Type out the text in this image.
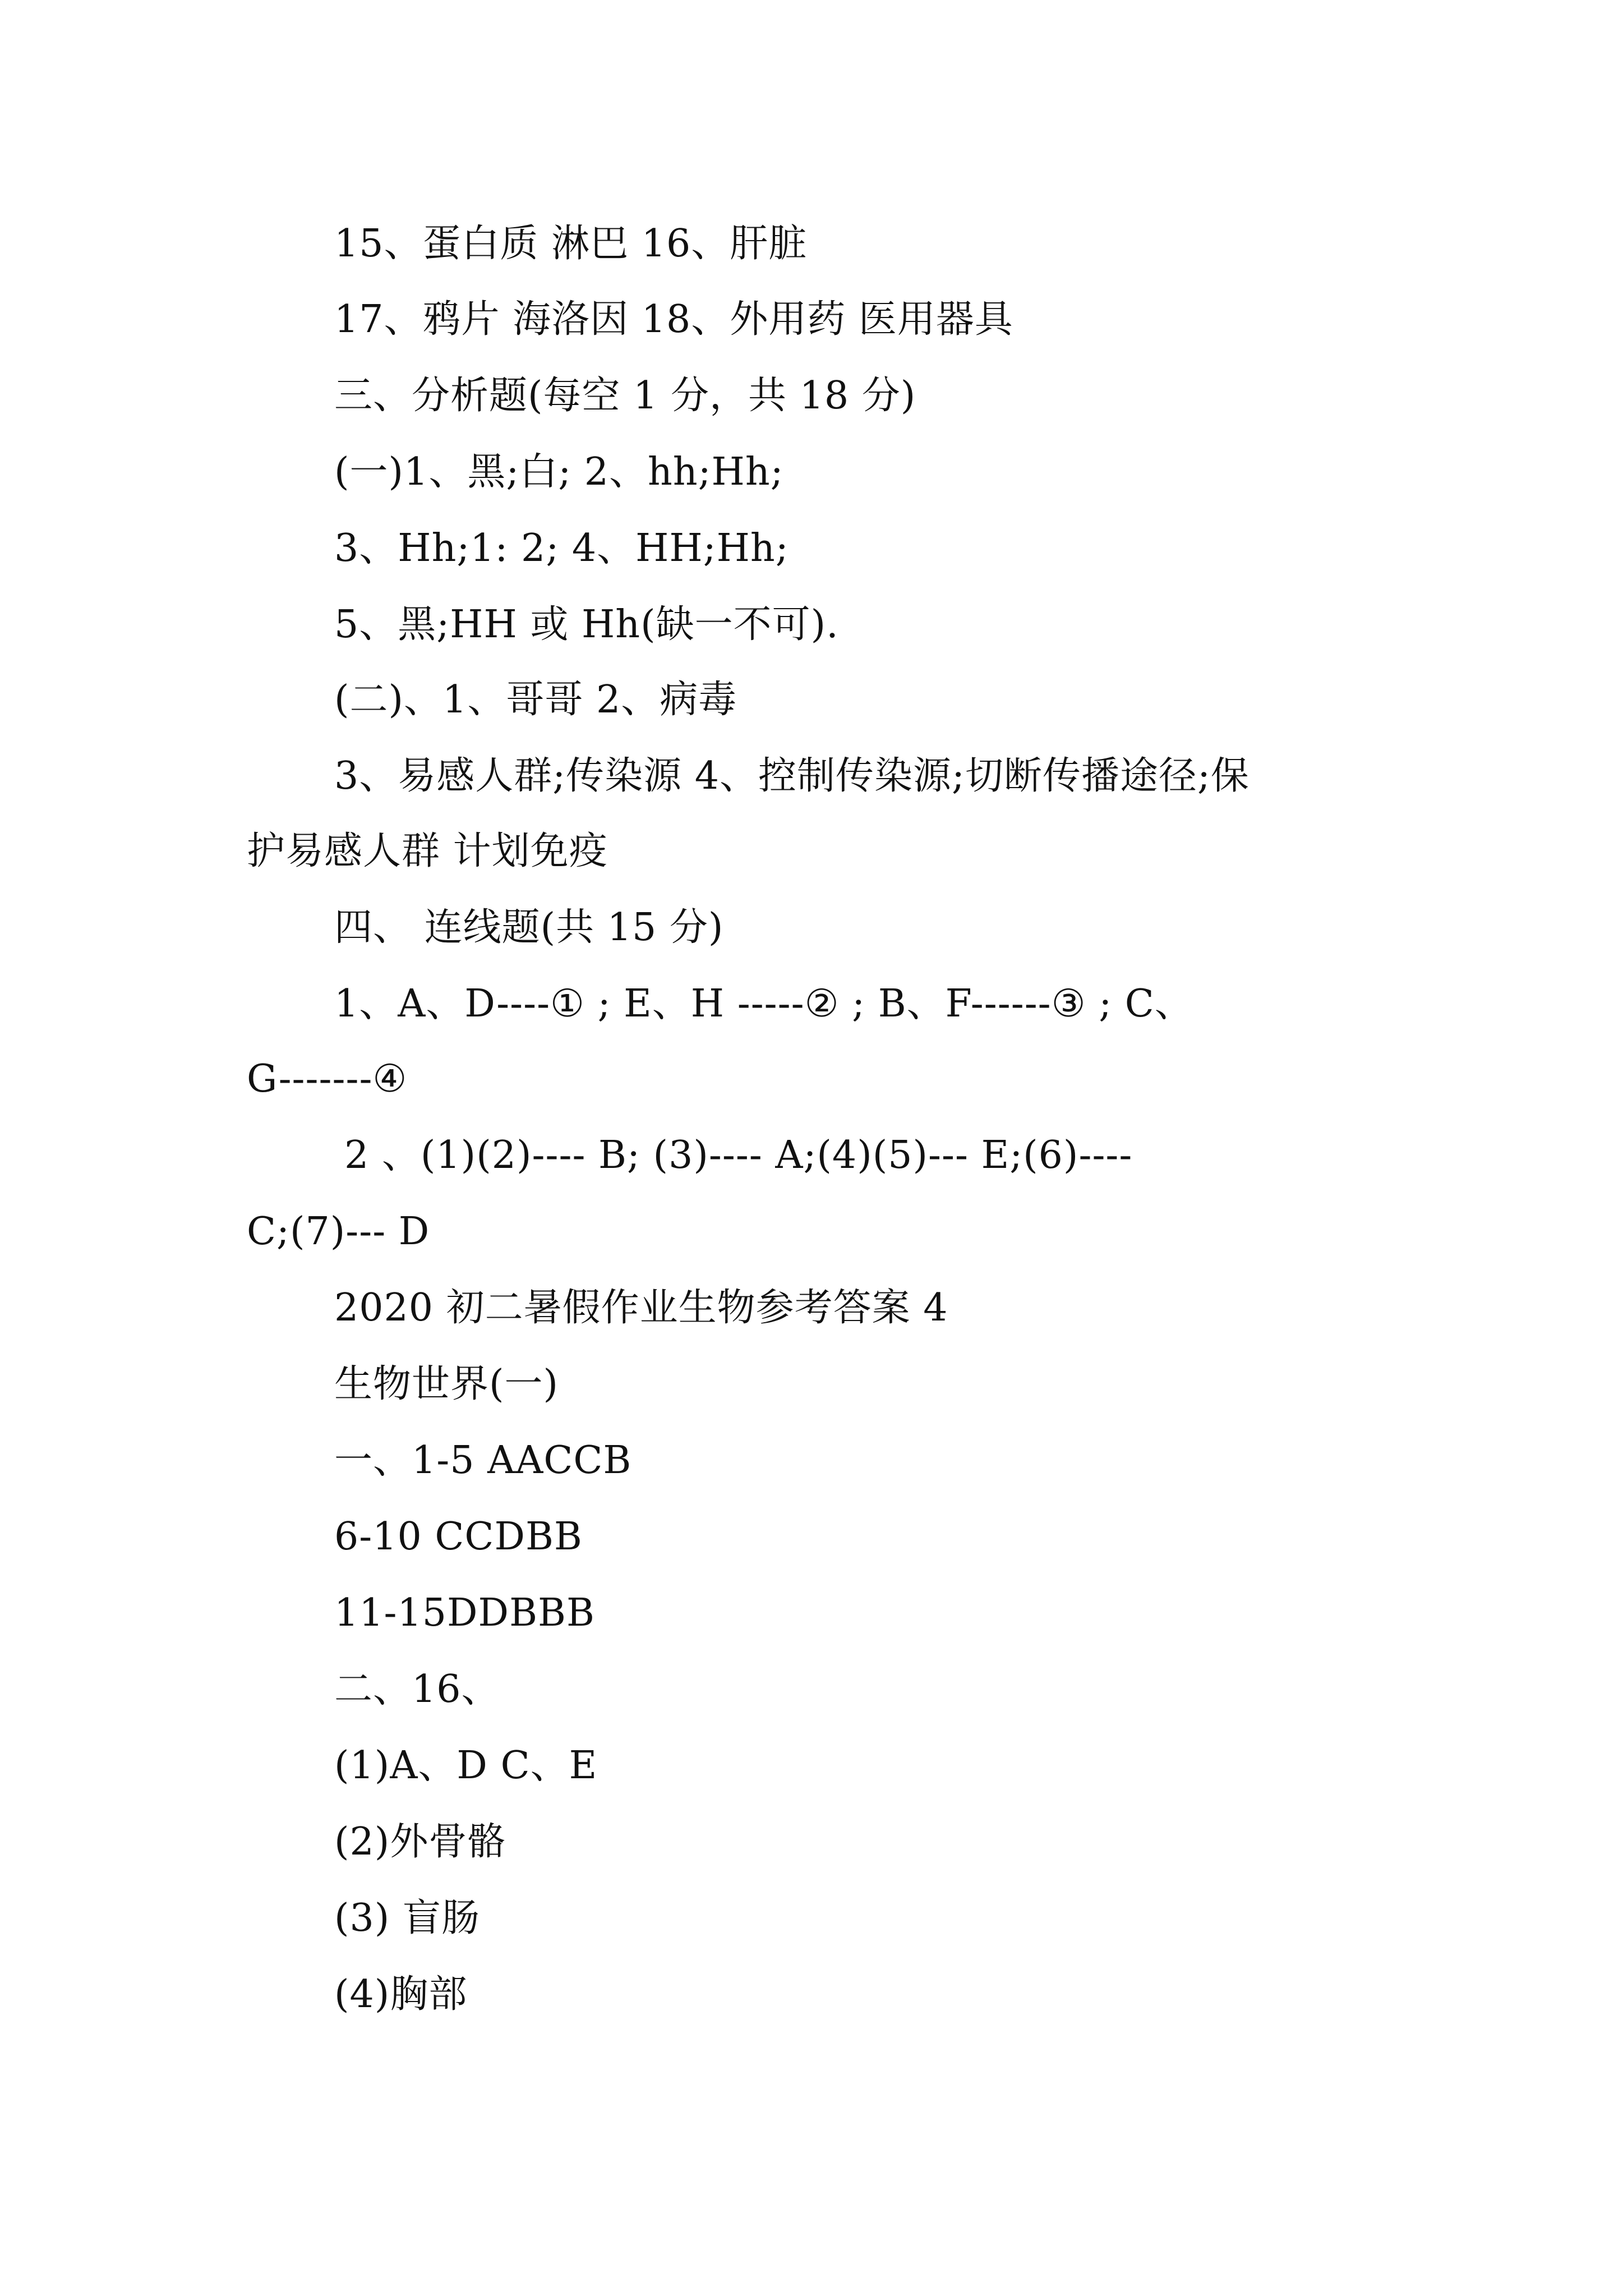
15、蛋白质 淋巴 16、肝脏
17、鸦片 海洛因 18、外用药 医用器具
三、分析题(每空 1 分，共 18 分)
(一)1、黑;白; 2、hh;Hh;
3、Hh;1: 2; 4、HH;Hh;
5、黑;HH 或 Hh(缺一不可).
(二)、1、哥哥 2、病毒
3、易感人群;传染源 4、控制传染源;切断传播途径;保
护易感人群 计划免疫
四、 连线题(共 15 分)
1、A、D----① ; E、H -----② ; B、F------③ ; C、
G-------④
2 、(1)(2)---- B; (3)---- A;(4)(5)--- E;(6)----
C;(7)--- D
2020 初二暑假作业生物参考答案 4
生物世界(一)
一、1-5 AACCB
6-10 CCDBB
11-15DDBBB
二、16、
(1)A、D C、E
(2)外骨骼
(3) 盲肠
(4)胸部
